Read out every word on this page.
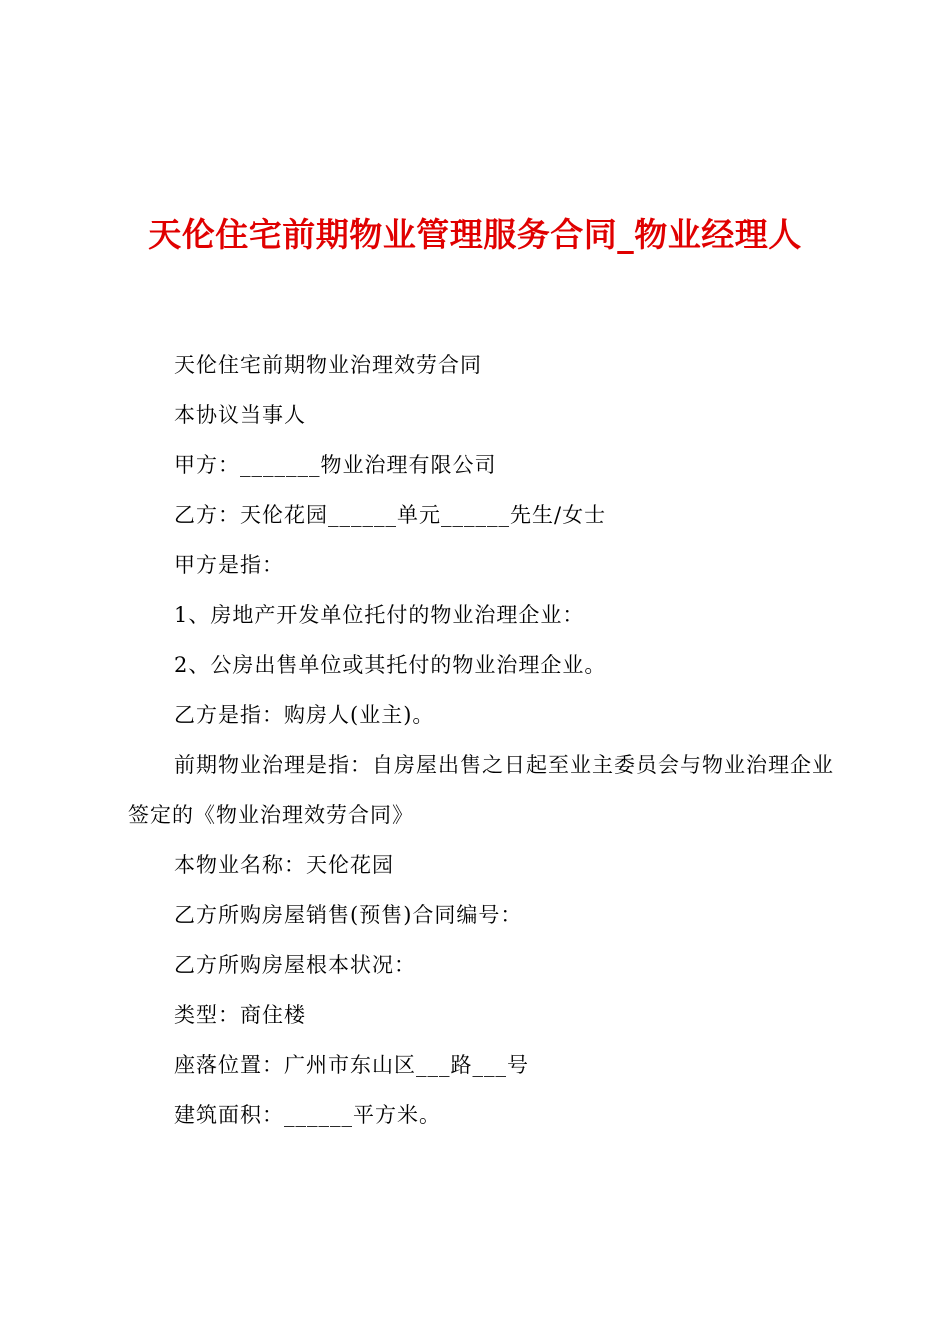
天伦住宅前期物业管理服务合同_物业经理人

天伦住宅前期物业治理效劳合同

本协议当事人

甲方：_______物业治理有限公司

乙方：天伦花园______单元______先生/女士

甲方是指：

1、房地产开发单位托付的物业治理企业：

2、公房出售单位或其托付的物业治理企业。

乙方是指：购房人(业主)。

前期物业治理是指：自房屋出售之日起至业主委员会与物业治理企业签定的《物业治理效劳合同》

本物业名称：天伦花园

乙方所购房屋销售(预售)合同编号：

乙方所购房屋根本状况：

类型：商住楼

座落位置：广州市东山区___路___号

建筑面积：______平方米。
